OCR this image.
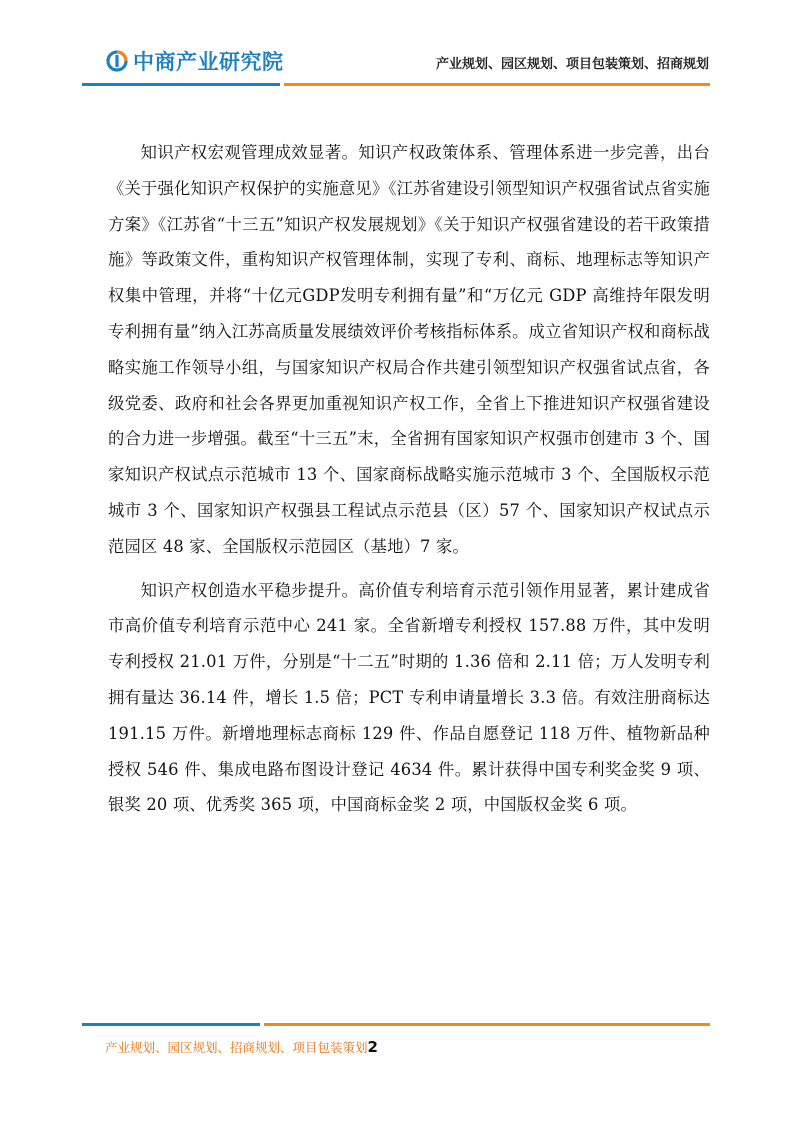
中商产业研究院	产业规划、园区规划、项目包装策划、招商规划

知识产权宏观管理成效显著。知识产权政策体系、管理体系进一步完善，出台《关于强化知识产权保护的实施意见》《江苏省建设引领型知识产权强省试点省实施方案》《江苏省“十三五”知识产权发展规划》《关于知识产权强省建设的若干政策措施》等政策文件，重构知识产权管理体制，实现了专利、商标、地理标志等知识产权集中管理，并将“十亿元GDP发明专利拥有量”和“万亿元 GDP 高维持年限发明专利拥有量”纳入江苏高质量发展绩效评价考核指标体系。成立省知识产权和商标战略实施工作领导小组，与国家知识产权局合作共建引领型知识产权强省试点省，各级党委、政府和社会各界更加重视知识产权工作，全省上下推进知识产权强省建设的合力进一步增强。截至“十三五”末，全省拥有国家知识产权强市创建市 3 个、国家知识产权试点示范城市 13 个、国家商标战略实施示范城市 3 个、全国版权示范城市 3 个、国家知识产权强县工程试点示范县（区）57 个、国家知识产权试点示范园区 48 家、全国版权示范园区（基地）7 家。

知识产权创造水平稳步提升。高价值专利培育示范引领作用显著，累计建成省市高价值专利培育示范中心 241 家。全省新增专利授权 157.88 万件，其中发明专利授权 21.01 万件，分别是“十二五”时期的 1.36 倍和 2.11 倍；万人发明专利拥有量达 36.14 件，增长 1.5 倍；PCT 专利申请量增长 3.3 倍。有效注册商标达 191.15 万件。新增地理标志商标 129 件、作品自愿登记 118 万件、植物新品种授权 546 件、集成电路布图设计登记 4634 件。累计获得中国专利奖金奖 9 项、银奖 20 项、优秀奖 365 项，中国商标金奖 2 项，中国版权金奖 6 项。

产业规划、园区规划、招商规划、项目包装策划2
